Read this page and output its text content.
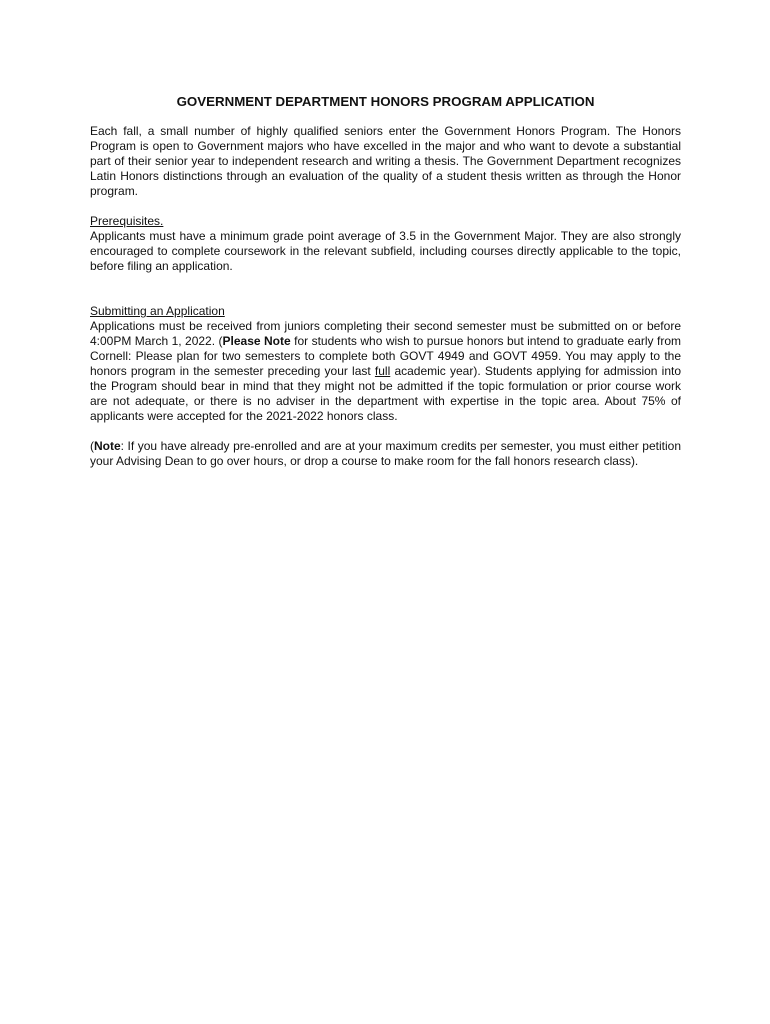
GOVERNMENT DEPARTMENT HONORS PROGRAM APPLICATION

Each fall, a small number of highly qualified seniors enter the Government Honors Program. The Honors Program is open to Government majors who have excelled in the major and who want to devote a substantial part of their senior year to independent research and writing a thesis. The Government Department recognizes Latin Honors distinctions through an evaluation of the quality of a student thesis written as through the Honor program.

Prerequisites.
Applicants must have a minimum grade point average of 3.5 in the Government Major. They are also strongly encouraged to complete coursework in the relevant subfield, including courses directly applicable to the topic, before filing an application.
Submitting an Application
Applications must be received from juniors completing their second semester must be submitted on or before 4:00PM March 1, 2022. (Please Note for students who wish to pursue honors but intend to graduate early from Cornell: Please plan for two semesters to complete both GOVT 4949 and GOVT 4959. You may apply to the honors program in the semester preceding your last full academic year). Students applying for admission into the Program should bear in mind that they might not be admitted if the topic formulation or prior course work are not adequate, or there is no adviser in the department with expertise in the topic area. About 75% of applicants were accepted for the 2021-2022 honors class.

(Note: If you have already pre-enrolled and are at your maximum credits per semester, you must either petition your Advising Dean to go over hours, or drop a course to make room for the fall honors research class).
